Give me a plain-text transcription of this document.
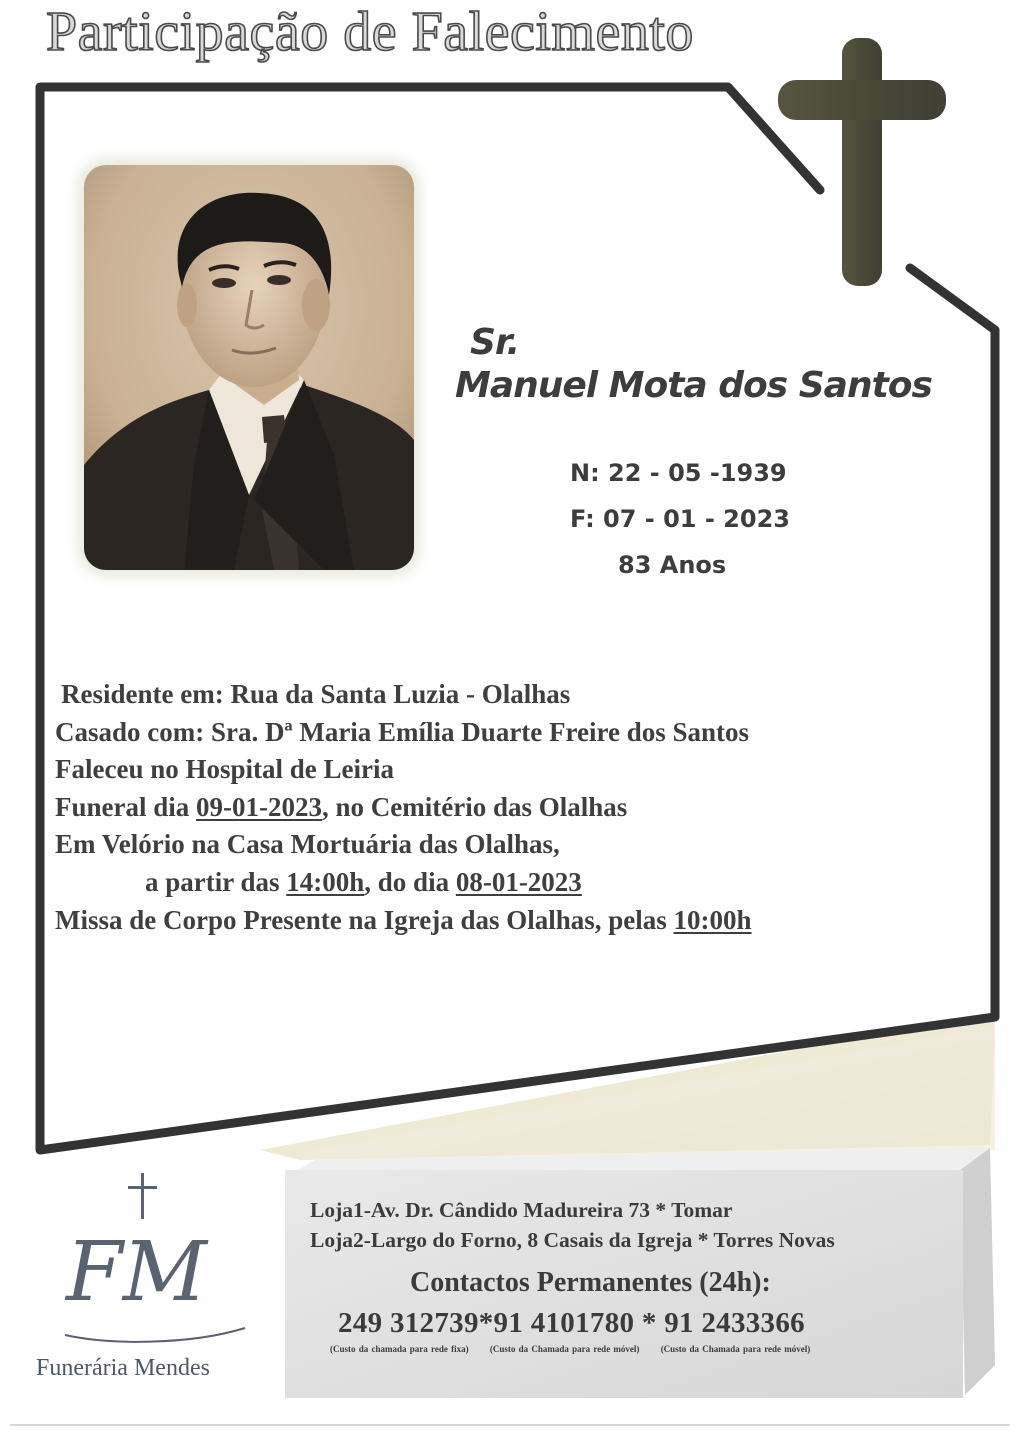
Participação de Falecimento
Sr.
Manuel Mota dos Santos
N: 22 - 05 -1939
F: 07 - 01 - 2023
83 Anos
Residente em: Rua da Santa Luzia - Olalhas
Casado com: Sra. Dª Maria Emília Duarte Freire dos Santos
Faleceu no Hospital de Leiria
Funeral dia 09-01-2023, no Cemitério das Olalhas
Em Velório na Casa Mortuária das Olalhas,
a partir das 14:00h, do dia 08-01-2023
Missa de Corpo Presente na Igreja das Olalhas, pelas 10:00h
FM
Funerária Mendes
Loja1-Av. Dr. Cândido Madureira 73 * Tomar
Loja2-Largo do Forno, 8 Casais da Igreja * Torres Novas
Contactos Permanentes (24h):
249 312739*91 4101780 * 91 2433366
(Custo da chamada para rede fixa) (Custo da Chamada para rede móvel) (Custo da Chamada para rede móvel)
